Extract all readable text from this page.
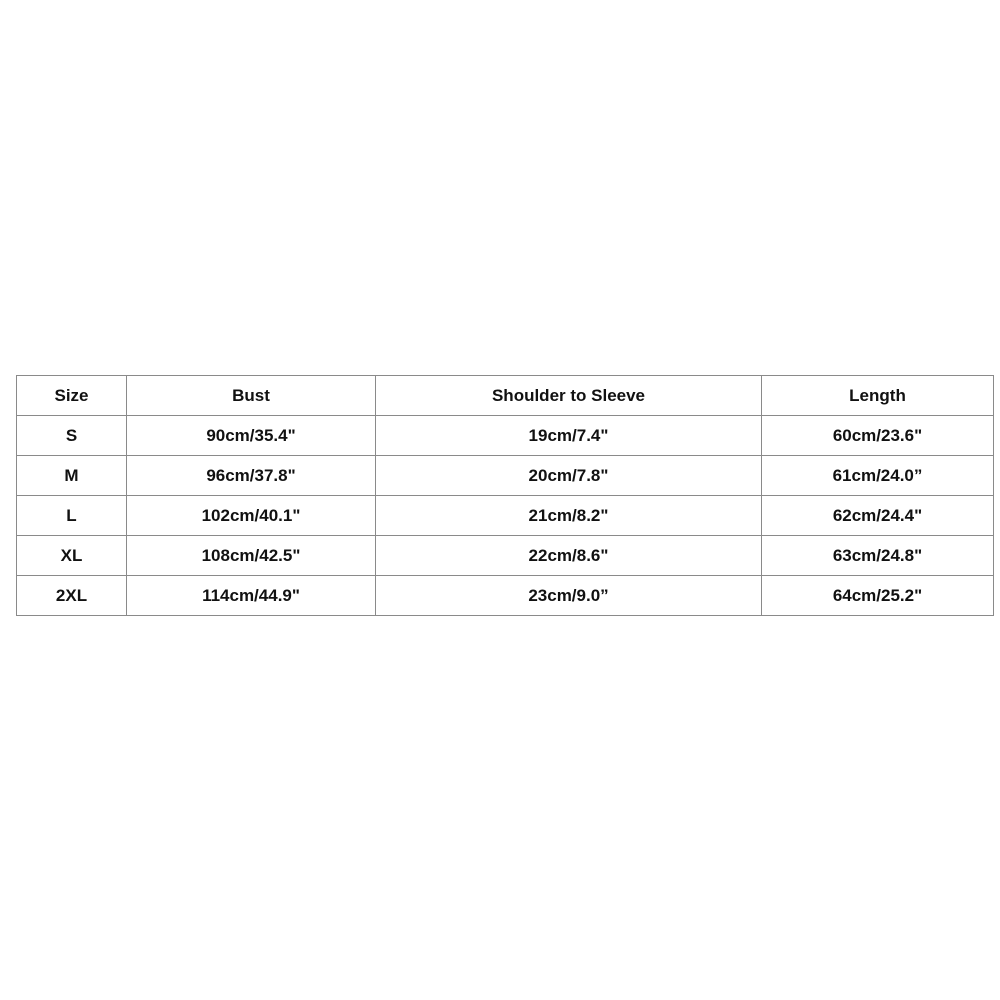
Size	Bust	Shoulder to Sleeve	Length
S	90cm/35.4"	19cm/7.4"	60cm/23.6"
M	96cm/37.8"	20cm/7.8"	61cm/24.0”
L	102cm/40.1"	21cm/8.2"	62cm/24.4"
XL	108cm/42.5"	22cm/8.6"	63cm/24.8"
2XL	114cm/44.9"	23cm/9.0”	64cm/25.2"
